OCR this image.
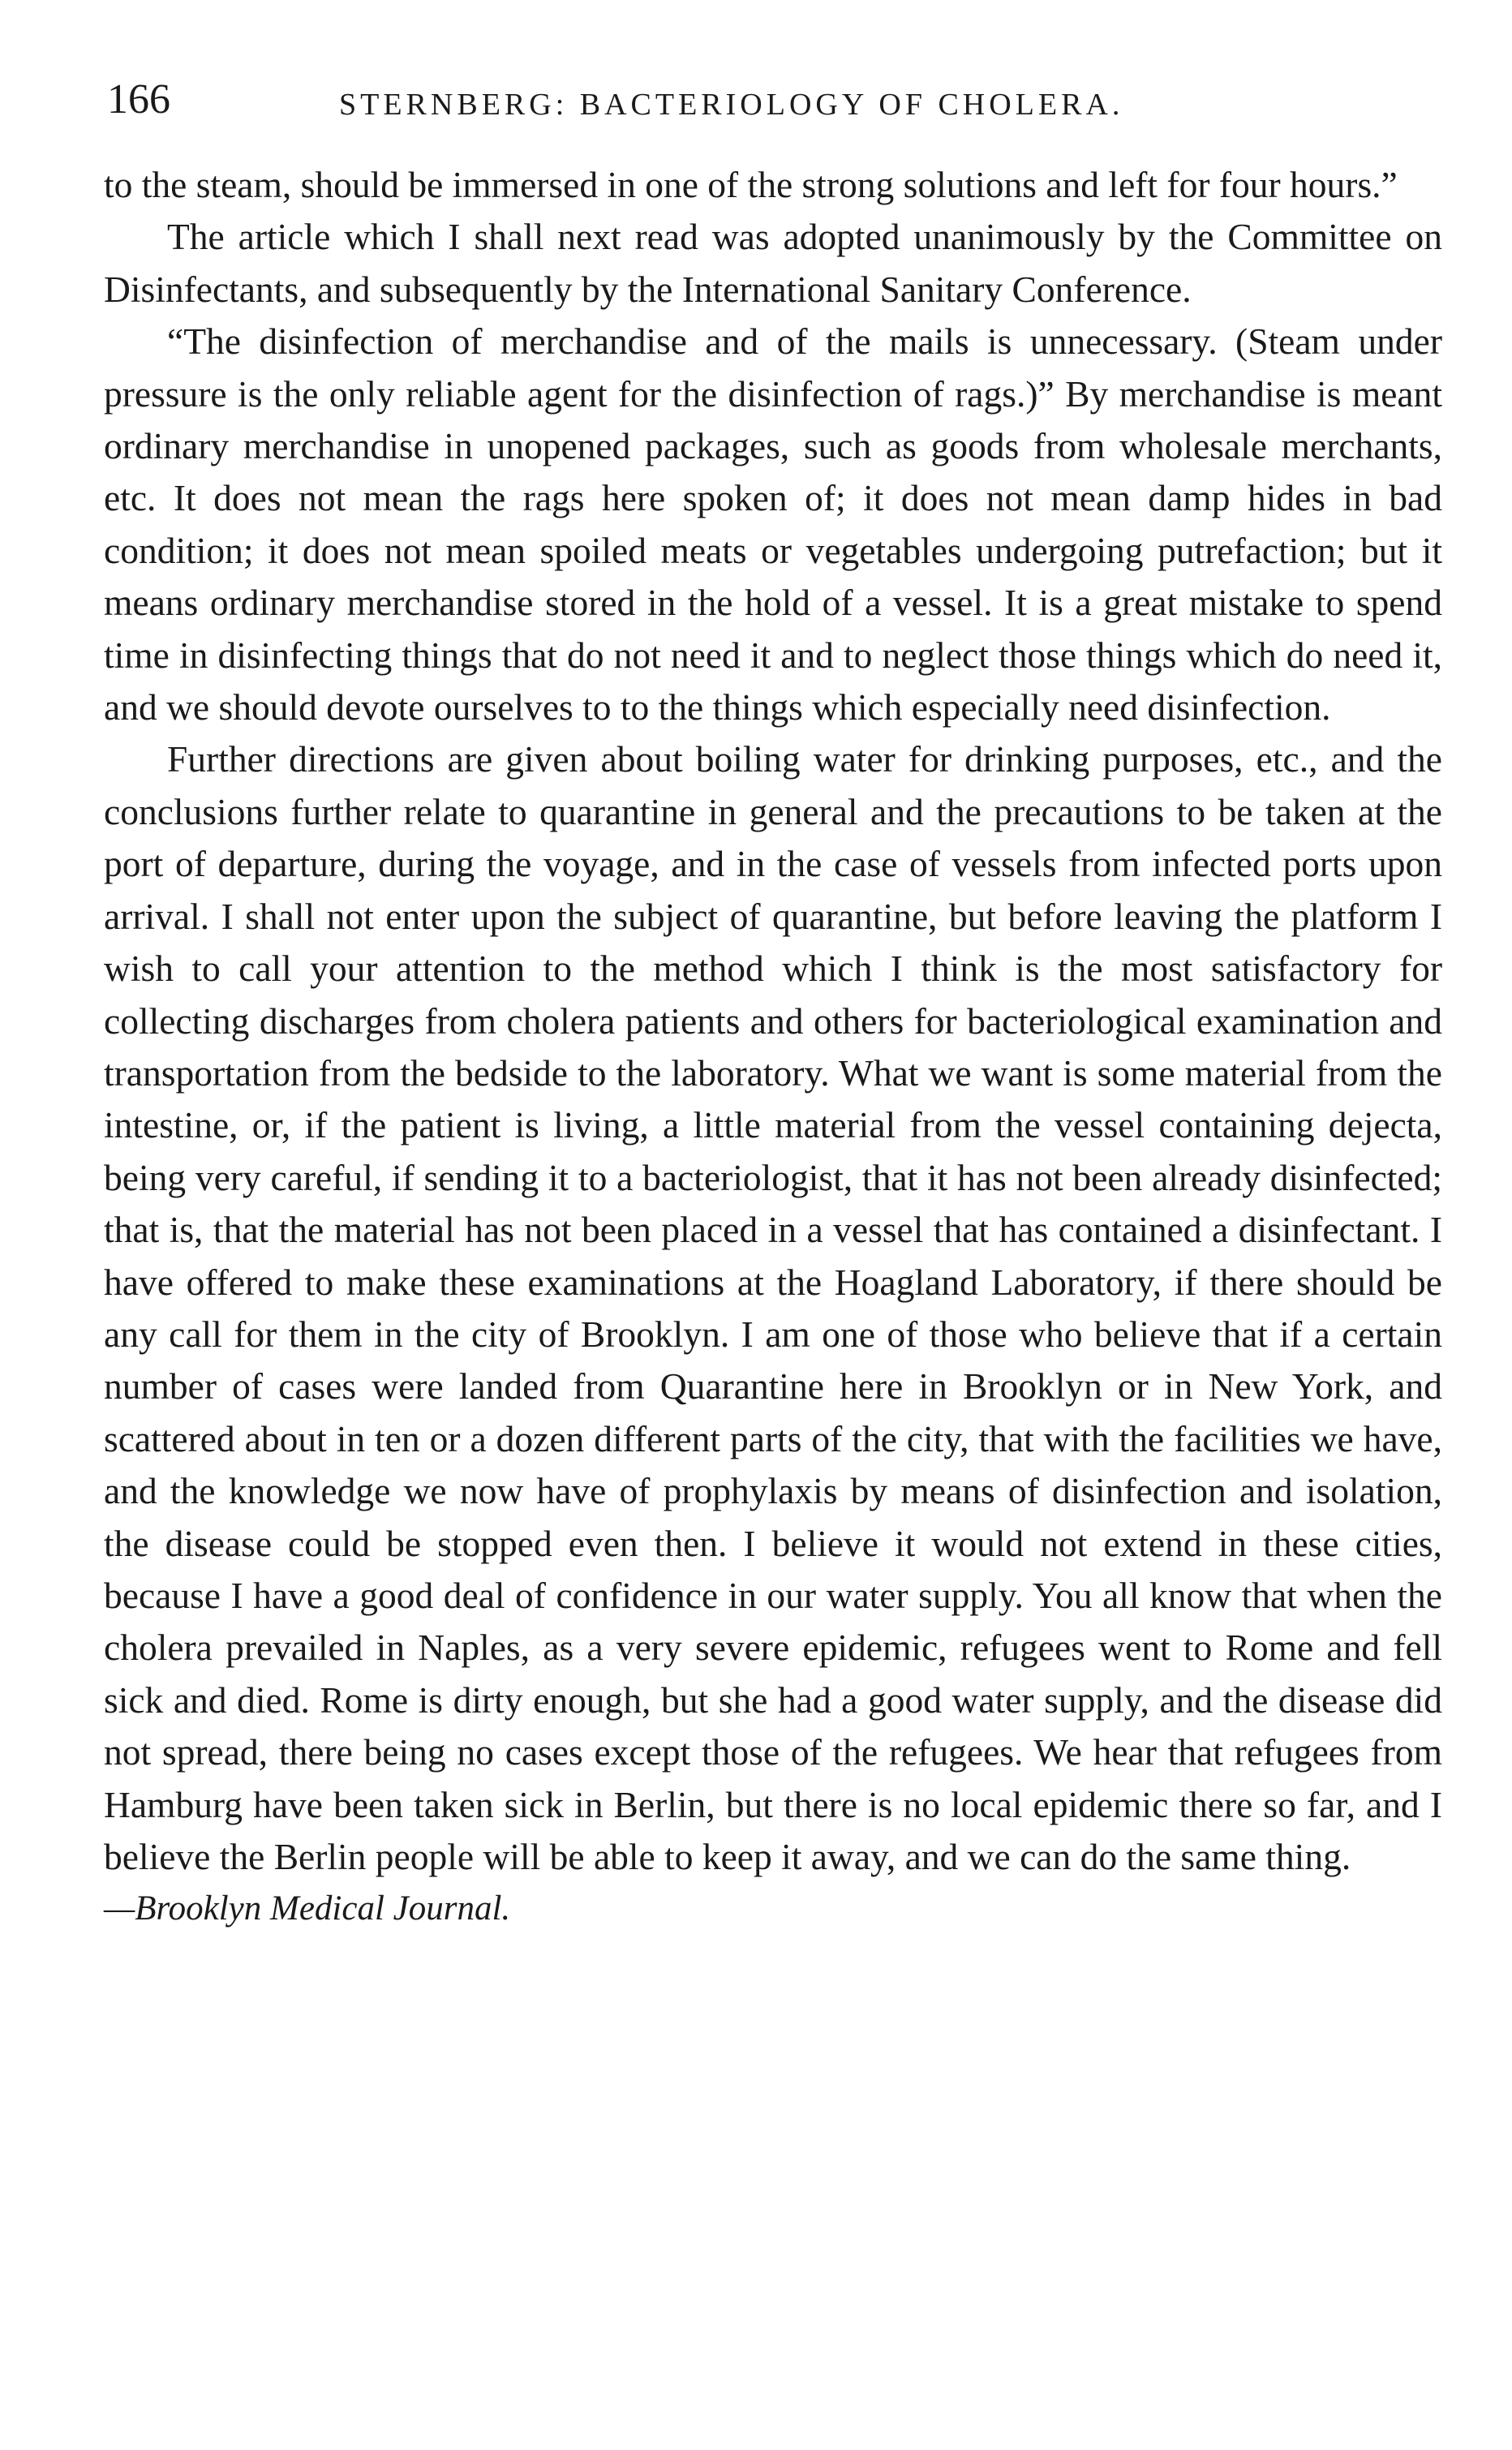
166	STERNBERG: BACTERIOLOGY OF CHOLERA.

to the steam, should be immersed in one of the strong solutions and left for four hours.”

The article which I shall next read was adopted unanimously by the Committee on Disinfectants, and subsequently by the International Sanitary Conference.

“The disinfection of merchandise and of the mails is unnecessary. (Steam under pressure is the only reliable agent for the disinfection of rags.)” By merchandise is meant ordinary merchandise in unopened packages, such as goods from wholesale merchants, etc. It does not mean the rags here spoken of; it does not mean damp hides in bad condition; it does not mean spoiled meats or vegetables undergoing putrefaction; but it means ordinary merchandise stored in the hold of a vessel. It is a great mistake to spend time in disinfecting things that do not need it and to neglect those things which do need it, and we should devote ourselves to to the things which especially need disinfection.

Further directions are given about boiling water for drinking purposes, etc., and the conclusions further relate to quarantine in general and the precautions to be taken at the port of departure, during the voyage, and in the case of vessels from infected ports upon arrival. I shall not enter upon the subject of quarantine, but before leaving the platform I wish to call your attention to the method which I think is the most satisfactory for collecting discharges from cholera patients and others for bacteriological examination and transportation from the bedside to the laboratory. What we want is some material from the intestine, or, if the patient is living, a little material from the vessel containing dejecta, being very careful, if sending it to a bacteriologist, that it has not been already disinfected; that is, that the material has not been placed in a vessel that has contained a disinfectant. I have offered to make these examinations at the Hoagland Laboratory, if there should be any call for them in the city of Brooklyn. I am one of those who believe that if a certain number of cases were landed from Quarantine here in Brooklyn or in New York, and scattered about in ten or a dozen different parts of the city, that with the facilities we have, and the knowledge we now have of prophylaxis by means of disinfection and isolation, the disease could be stopped even then. I believe it would not extend in these cities, because I have a good deal of confidence in our water supply. You all know that when the cholera prevailed in Naples, as a very severe epidemic, refugees went to Rome and fell sick and died. Rome is dirty enough, but she had a good water supply, and the disease did not spread, there being no cases except those of the refugees. We hear that refugees from Hamburg have been taken sick in Berlin, but there is no local epidemic there so far, and I believe the Berlin people will be able to keep it away, and we can do the same thing.

—Brooklyn Medical Journal.
